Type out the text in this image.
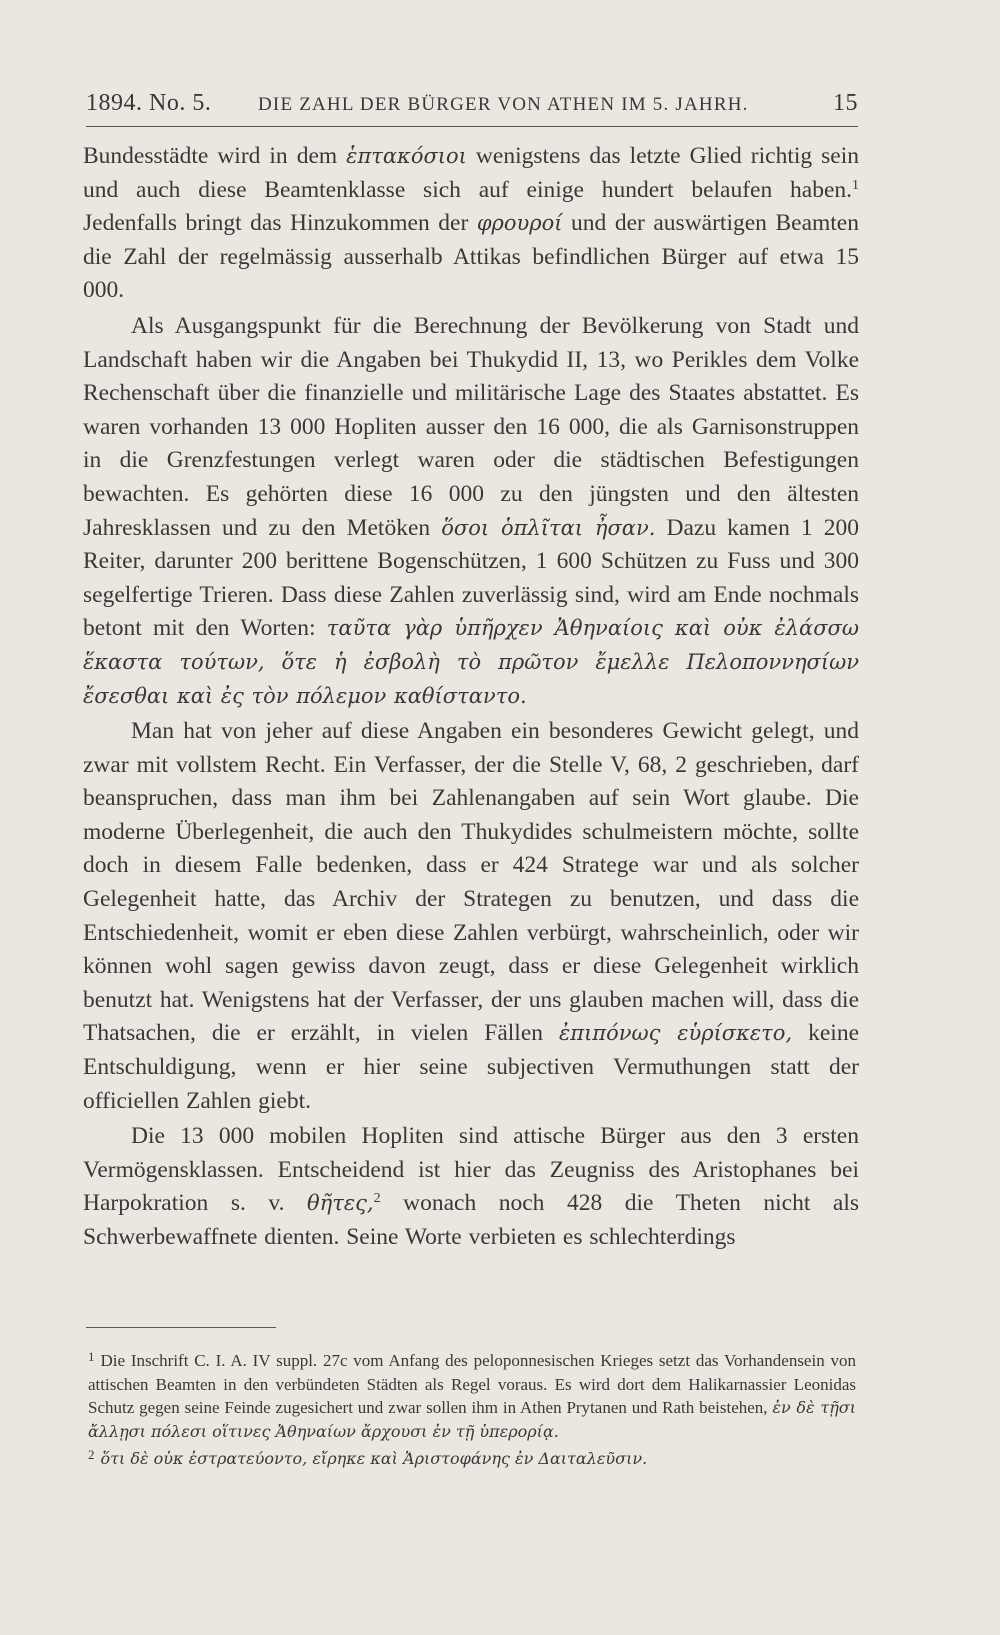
1894. No. 5. DIE ZAHL DER BÜRGER VON ATHEN IM 5. JAHRH.	15

Bundesstädte wird in dem ἑπτακόσιοι wenigstens das letzte Glied richtig sein und auch diese Beamtenklasse sich auf einige hundert belaufen haben.$^1$ Jedenfalls bringt das Hinzukommen der φρουροί und der auswärtigen Beamten die Zahl der regelmässig ausserhalb Attikas befindlichen Bürger auf etwa 15 000.

Als Ausgangspunkt für die Berechnung der Bevölkerung von Stadt und Landschaft haben wir die Angaben bei Thukydid II, 13, wo Perikles dem Volke Rechenschaft über die finanzielle und militärische Lage des Staates abstattet. Es waren vorhanden 13 000 Hopliten ausser den 16 000, die als Garnisonstruppen in die Grenzfestungen verlegt waren oder die städtischen Befestigungen bewachten. Es gehörten diese 16 000 zu den jüngsten und den ältesten Jahresklassen und zu den Metöken ὅσοι ὁπλῖται ἦσαν. Dazu kamen 1 200 Reiter, darunter 200 berittene Bogenschützen, 1 600 Schützen zu Fuss und 300 segelfertige Trieren. Dass diese Zahlen zuverlässig sind, wird am Ende nochmals betont mit den Worten: ταῦτα γὰρ ὑπῆρχεν Ἀθηναίοις καὶ οὐκ ἐλάσσω ἕκαστα τούτων, ὅτε ἡ ἐσβολὴ τὸ πρῶτον ἔμελλε Πελοποννησίων ἔσεσθαι καὶ ἐς τὸν πόλεμον καθίσταντο.

Man hat von jeher auf diese Angaben ein besonderes Gewicht gelegt, und zwar mit vollstem Recht. Ein Verfasser, der die Stelle V, 68, 2 geschrieben, darf beanspruchen, dass man ihm bei Zahlenangaben auf sein Wort glaube. Die moderne Überlegenheit, die auch den Thukydides schulmeistern möchte, sollte doch in diesem Falle bedenken, dass er 424 Stratege war und als solcher Gelegenheit hatte, das Archiv der Strategen zu benutzen, und dass die Entschiedenheit, womit er eben diese Zahlen verbürgt, wahrscheinlich, oder wir können wohl sagen gewiss davon zeugt, dass er diese Gelegenheit wirklich benutzt hat. Wenigstens hat der Verfasser, der uns glauben machen will, dass die Thatsachen, die er erzählt, in vielen Fällen ἐπιπόνως εὑρίσκετο, keine Entschuldigung, wenn er hier seine subjectiven Vermuthungen statt der officiellen Zahlen giebt.

Die 13 000 mobilen Hopliten sind attische Bürger aus den 3 ersten Vermögensklassen. Entscheidend ist hier das Zeugniss des Aristophanes bei Harpokration s. v. θῆτες,$^2$ wonach noch 428 die Theten nicht als Schwerbewaffnete dienten. Seine Worte verbieten es schlechterdings

$^1$ Die Inschrift C. I. A. IV suppl. 27c vom Anfang des peloponnesischen Krieges setzt das Vorhandensein von attischen Beamten in den verbündeten Städten als Regel voraus. Es wird dort dem Halikarnassier Leonidas Schutz gegen seine Feinde zugesichert und zwar sollen ihm in Athen Prytanen und Rath beistehen, ἐν δὲ τῇσι ἄλλῃσι πόλεσι οἵτινες Ἀθηναίων ἄρχουσι ἐν τῇ ὑπερορίᾳ.

$^2$ ὅτι δὲ οὐκ ἐστρατεύοντο, εἴρηκε καὶ Ἀριστοφάνης ἐν Δαιταλεῦσιν.
